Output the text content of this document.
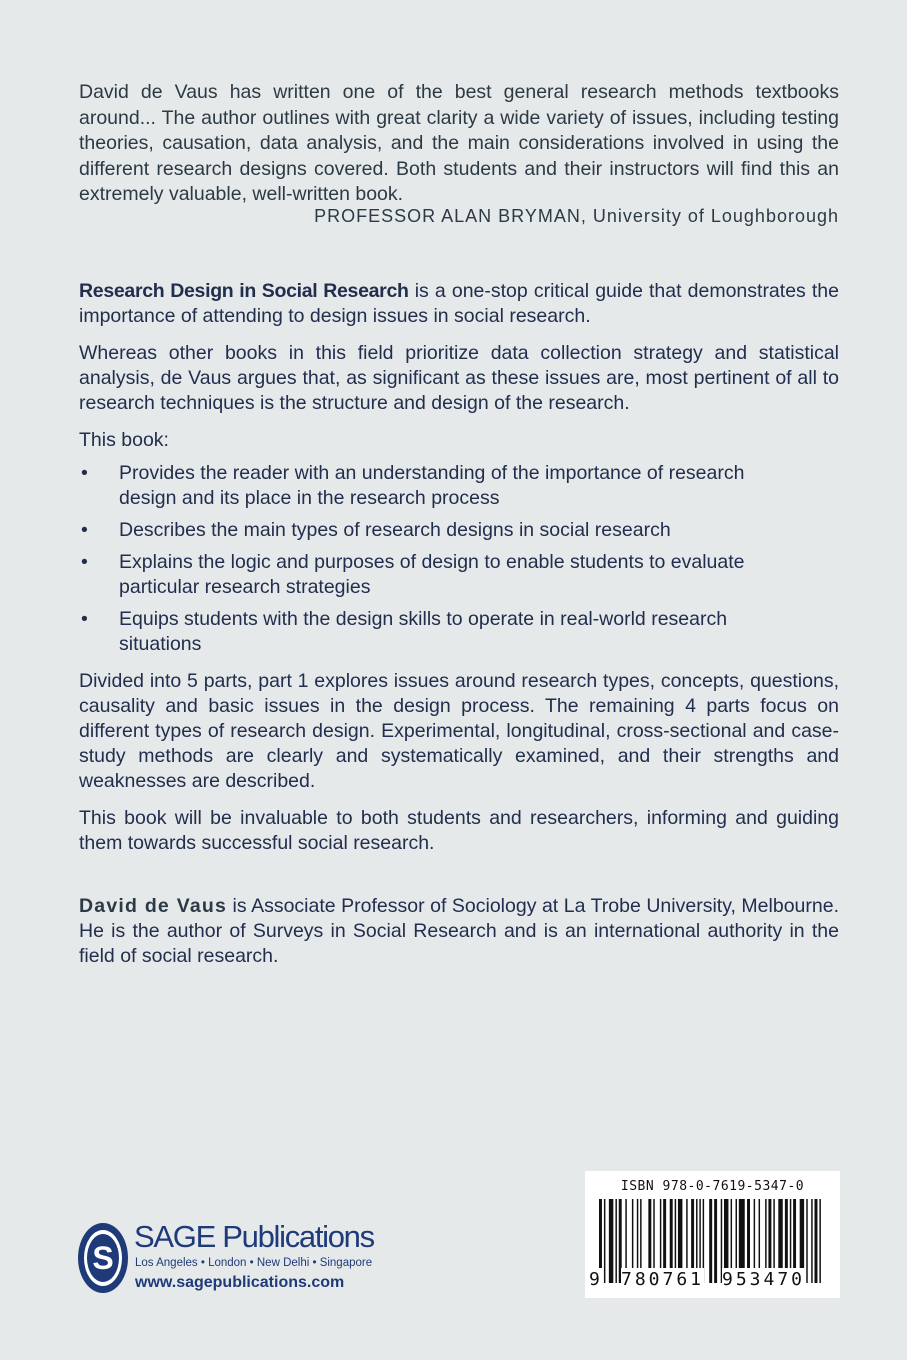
David de Vaus has written one of the best general research methods textbooks around... The author outlines with great clarity a wide variety of issues, including testing theories, causation, data analysis, and the main considerations involved in using the different research designs covered. Both students and their instructors will find this an extremely valuable, well-written book.

PROFESSOR ALAN BRYMAN, University of Loughborough

Research Design in Social Research is a one-stop critical guide that demonstrates the importance of attending to design issues in social research.

Whereas other books in this field prioritize data collection strategy and statistical analysis, de Vaus argues that, as significant as these issues are, most pertinent of all to research techniques is the structure and design of the research.

This book:

• Provides the reader with an understanding of the importance of research design and its place in the research process
• Describes the main types of research designs in social research
• Explains the logic and purposes of design to enable students to evaluate particular research strategies
• Equips students with the design skills to operate in real-world research situations

Divided into 5 parts, part 1 explores issues around research types, concepts, questions, causality and basic issues in the design process. The remaining 4 parts focus on different types of research design. Experimental, longitudinal, cross-sectional and case-study methods are clearly and systematically examined, and their strengths and weaknesses are described.

This book will be invaluable to both students and researchers, informing and guiding them towards successful social research.

David de Vaus is Associate Professor of Sociology at La Trobe University, Melbourne. He is the author of Surveys in Social Research and is an international authority in the field of social research.

S
SAGE Publications
Los Angeles • London • New Delhi • Singapore
www.sagepublications.com
ISBN 978-0-7619-5347-0
9 780761 953470
